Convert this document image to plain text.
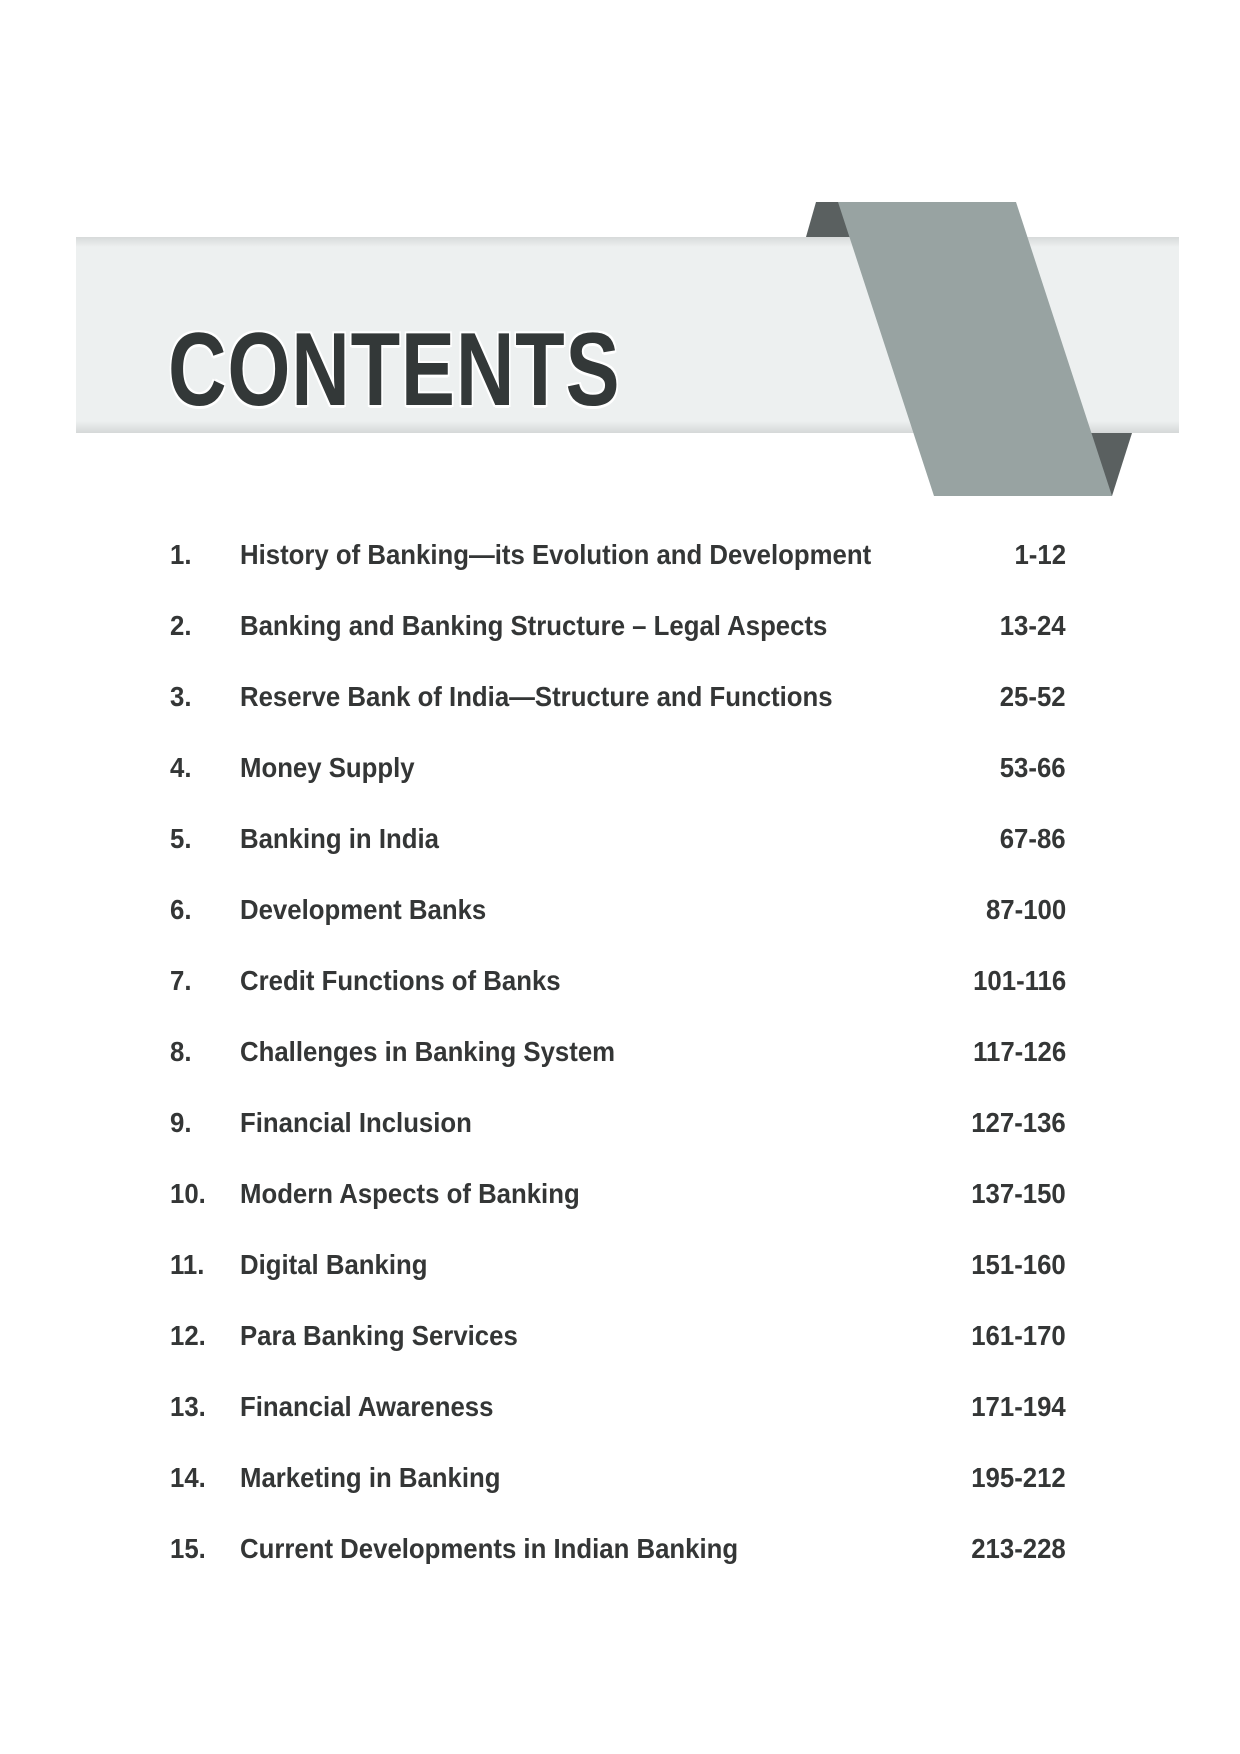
CONTENTS
1. History of Banking—its Evolution and Development	1-12
2. Banking and Banking Structure – Legal Aspects	13-24
3. Reserve Bank of India—Structure and Functions	25-52
4. Money Supply	53-66
5. Banking in India	67-86
6. Development Banks	87-100
7. Credit Functions of Banks	101-116
8. Challenges in Banking System	117-126
9. Financial Inclusion	127-136
10. Modern Aspects of Banking	137-150
11. Digital Banking	151-160
12. Para Banking Services	161-170
13. Financial Awareness	171-194
14. Marketing in Banking	195-212
15. Current Developments in Indian Banking	213-228
